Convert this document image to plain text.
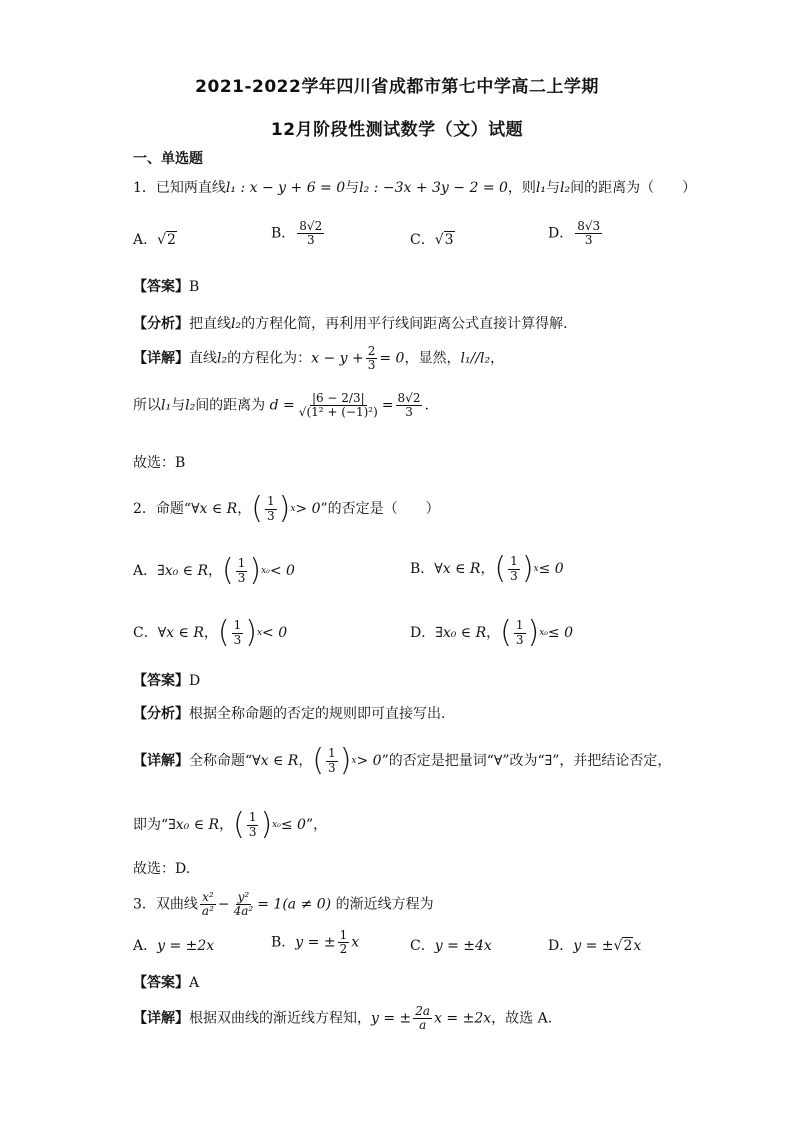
2021-2022学年四川省成都市第七中学高二上学期
12月阶段性测试数学（文）试题
一、单选题
1．已知两直线l₁ : x − y + 6 = 0与l₂ : −3x + 3y − 2 = 0，则l₁与l₂间的距离为（　　）
A．√2	B． $\frac{8√2}{3}$	C．√3	D． $\frac{8√3}{3}$
【答案】B
【分析】把直线l₂的方程化简，再利用平行线间距离公式直接计算得解.
【详解】直线l₂的方程化为：$x - y + \frac{2}{3} = 0$，显然，l₁//l₂，
所以l₁与l₂间的距离为 $d = \frac{|6 - 2/3|}{\text{√(1² + (−1)²)}} = \frac{8√2}{3}$ .
故选：B
2．命题“∀x ∈ R， ( $\frac{1}{3}$ ) x > 0”的否定是（　　）
A．∃x₀ ∈ R， ( $\frac{1}{3}$ ) x₀ < 0	B．∀x ∈ R， ( $\frac{1}{3}$ ) x ≤ 0
C．∀x ∈ R， ( $\frac{1}{3}$ ) x < 0	D．∃x₀ ∈ R， ( $\frac{1}{3}$ ) x₀ ≤ 0
【答案】D
【分析】根据全称命题的否定的规则即可直接写出.
【详解】全称命题“∀x ∈ R， ( $\frac{1}{3}$ ) x > 0”的否定是把量词“∀”改为“∃”，并把结论否定，
即为“∃x₀ ∈ R， ( $\frac{1}{3}$ ) x₀ ≤ 0”，
故选：D.
3．双曲线 $\frac{\text{x²}}{\text{a²}} - \frac{\text{y²}}{\text{4a²}} = 1(a \ne 0)$ 的渐近线方程为
A．y = ±2x	B．y = ± $\frac{1}{2}$ x	C．y = ±4x	D．y = ±√2x
【答案】A
【详解】根据双曲线的渐近线方程知，y = ± $\frac{2a}{a}$ x = ±2x，故选 A.
